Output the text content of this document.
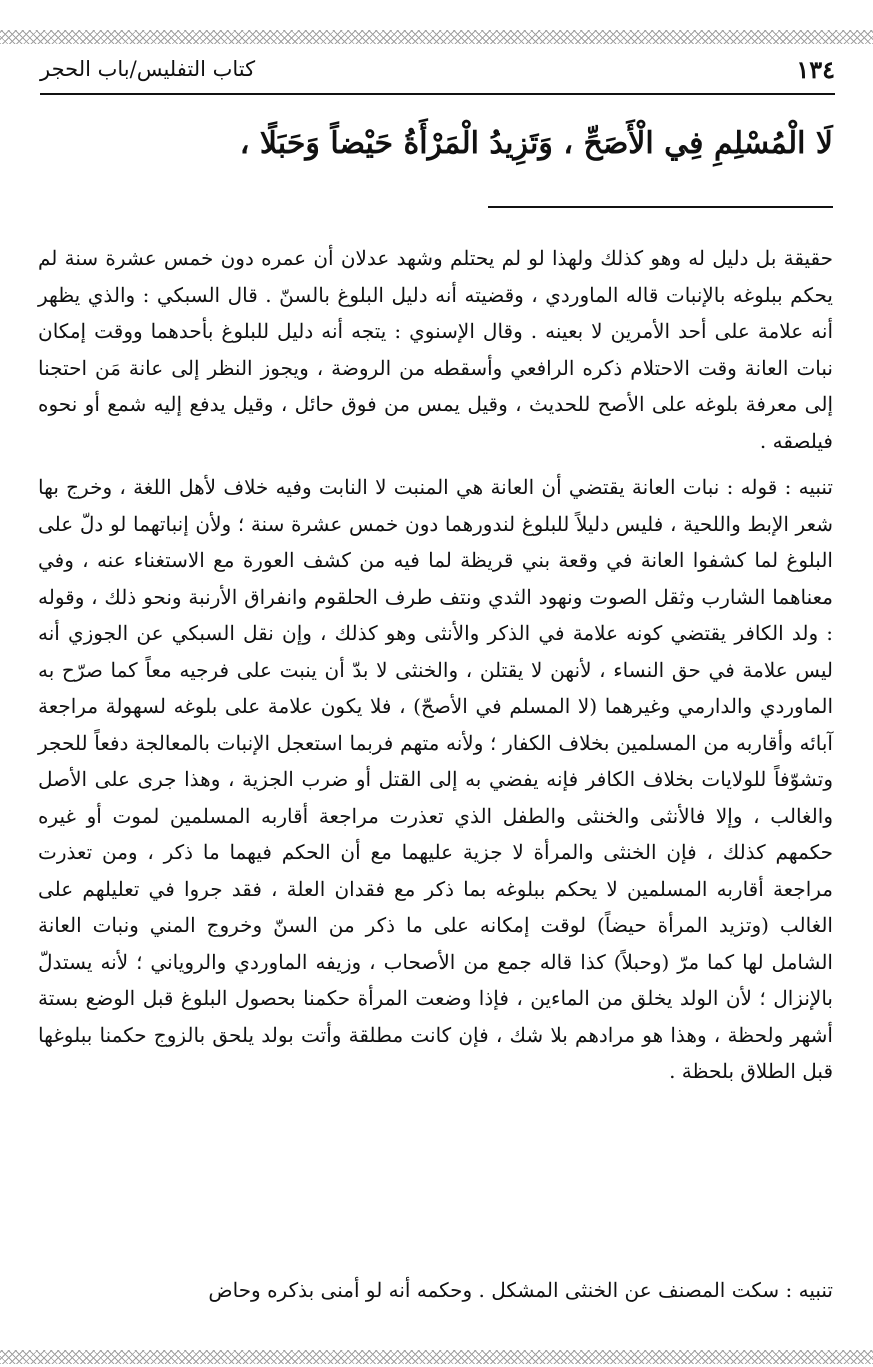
١٣٤
كتاب التفليس/باب الحجر
لَا الْمُسْلِمِ فِي الْأَصَحِّ ، وَتَزِيدُ الْمَرْأَةُ حَيْضاً وَحَبَلًا ،

حقيقة بل دليل له وهو كذلك ولهذا لو لم يحتلم وشهد عدلان أن عمره دون خمس عشرة سنة لم يحكم ببلوغه بالإنبات قاله الماوردي ، وقضيته أنه دليل البلوغ بالسنّ . قال السبكي : والذي يظهر أنه علامة على أحد الأمرين لا بعينه . وقال الإسنوي : يتجه أنه دليل للبلوغ بأحدهما ووقت إمكان نبات العانة وقت الاحتلام ذكره الرافعي وأسقطه من الروضة ، ويجوز النظر إلى عانة مَن احتجنا إلى معرفة بلوغه على الأصح للحديث ، وقيل يمس من فوق حائل ، وقيل يدفع إليه شمع أو نحوه فيلصقه .

تنبيه : قوله : نبات العانة يقتضي أن العانة هي المنبت لا النابت وفيه خلاف لأهل اللغة ، وخرج بها شعر الإبط واللحية ، فليس دليلاً للبلوغ لندورهما دون خمس عشرة سنة ؛ ولأن إنباتهما لو دلّ على البلوغ لما كشفوا العانة في وقعة بني قريظة لما فيه من كشف العورة مع الاستغناء عنه ، وفي معناهما الشارب وثقل الصوت ونهود الثدي ونتف طرف الحلقوم وانفراق الأرنبة ونحو ذلك ، وقوله : ولد الكافر يقتضي كونه علامة في الذكر والأنثى وهو كذلك ، وإن نقل السبكي عن الجوزي أنه ليس علامة في حق النساء ، لأنهن لا يقتلن ، والخنثى لا بدّ أن ينبت على فرجيه معاً كما صرّح به الماوردي والدارمي وغيرهما (لا المسلم في الأصحّ) ، فلا يكون علامة على بلوغه لسهولة مراجعة آبائه وأقاربه من المسلمين بخلاف الكفار ؛ ولأنه متهم فربما استعجل الإنبات بالمعالجة دفعاً للحجر وتشوّفاً للولايات بخلاف الكافر فإنه يفضي به إلى القتل أو ضرب الجزية ، وهذا جرى على الأصل والغالب ، وإلا فالأنثى والخنثى والطفل الذي تعذرت مراجعة أقاربه المسلمين لموت أو غيره حكمهم كذلك ، فإن الخنثى والمرأة لا جزية عليهما مع أن الحكم فيهما ما ذكر ، ومن تعذرت مراجعة أقاربه المسلمين لا يحكم ببلوغه بما ذكر مع فقدان العلة ، فقد جروا في تعليلهم على الغالب (وتزيد المرأة حيضاً) لوقت إمكانه على ما ذكر من السنّ وخروج المني ونبات العانة الشامل لها كما مرّ (وحبلاً) كذا قاله جمع من الأصحاب ، وزيفه الماوردي والروياني ؛ لأنه يستدلّ بالإنزال ؛ لأن الولد يخلق من الماءين ، فإذا وضعت المرأة حكمنا بحصول البلوغ قبل الوضع بستة أشهر ولحظة ، وهذا هو مرادهم بلا شك ، فإن كانت مطلقة وأتت بولد يلحق بالزوج حكمنا ببلوغها قبل الطلاق بلحظة .

تنبيه : سكت المصنف عن الخنثى المشكل . وحكمه أنه لو أمنى بذكره وحاض
